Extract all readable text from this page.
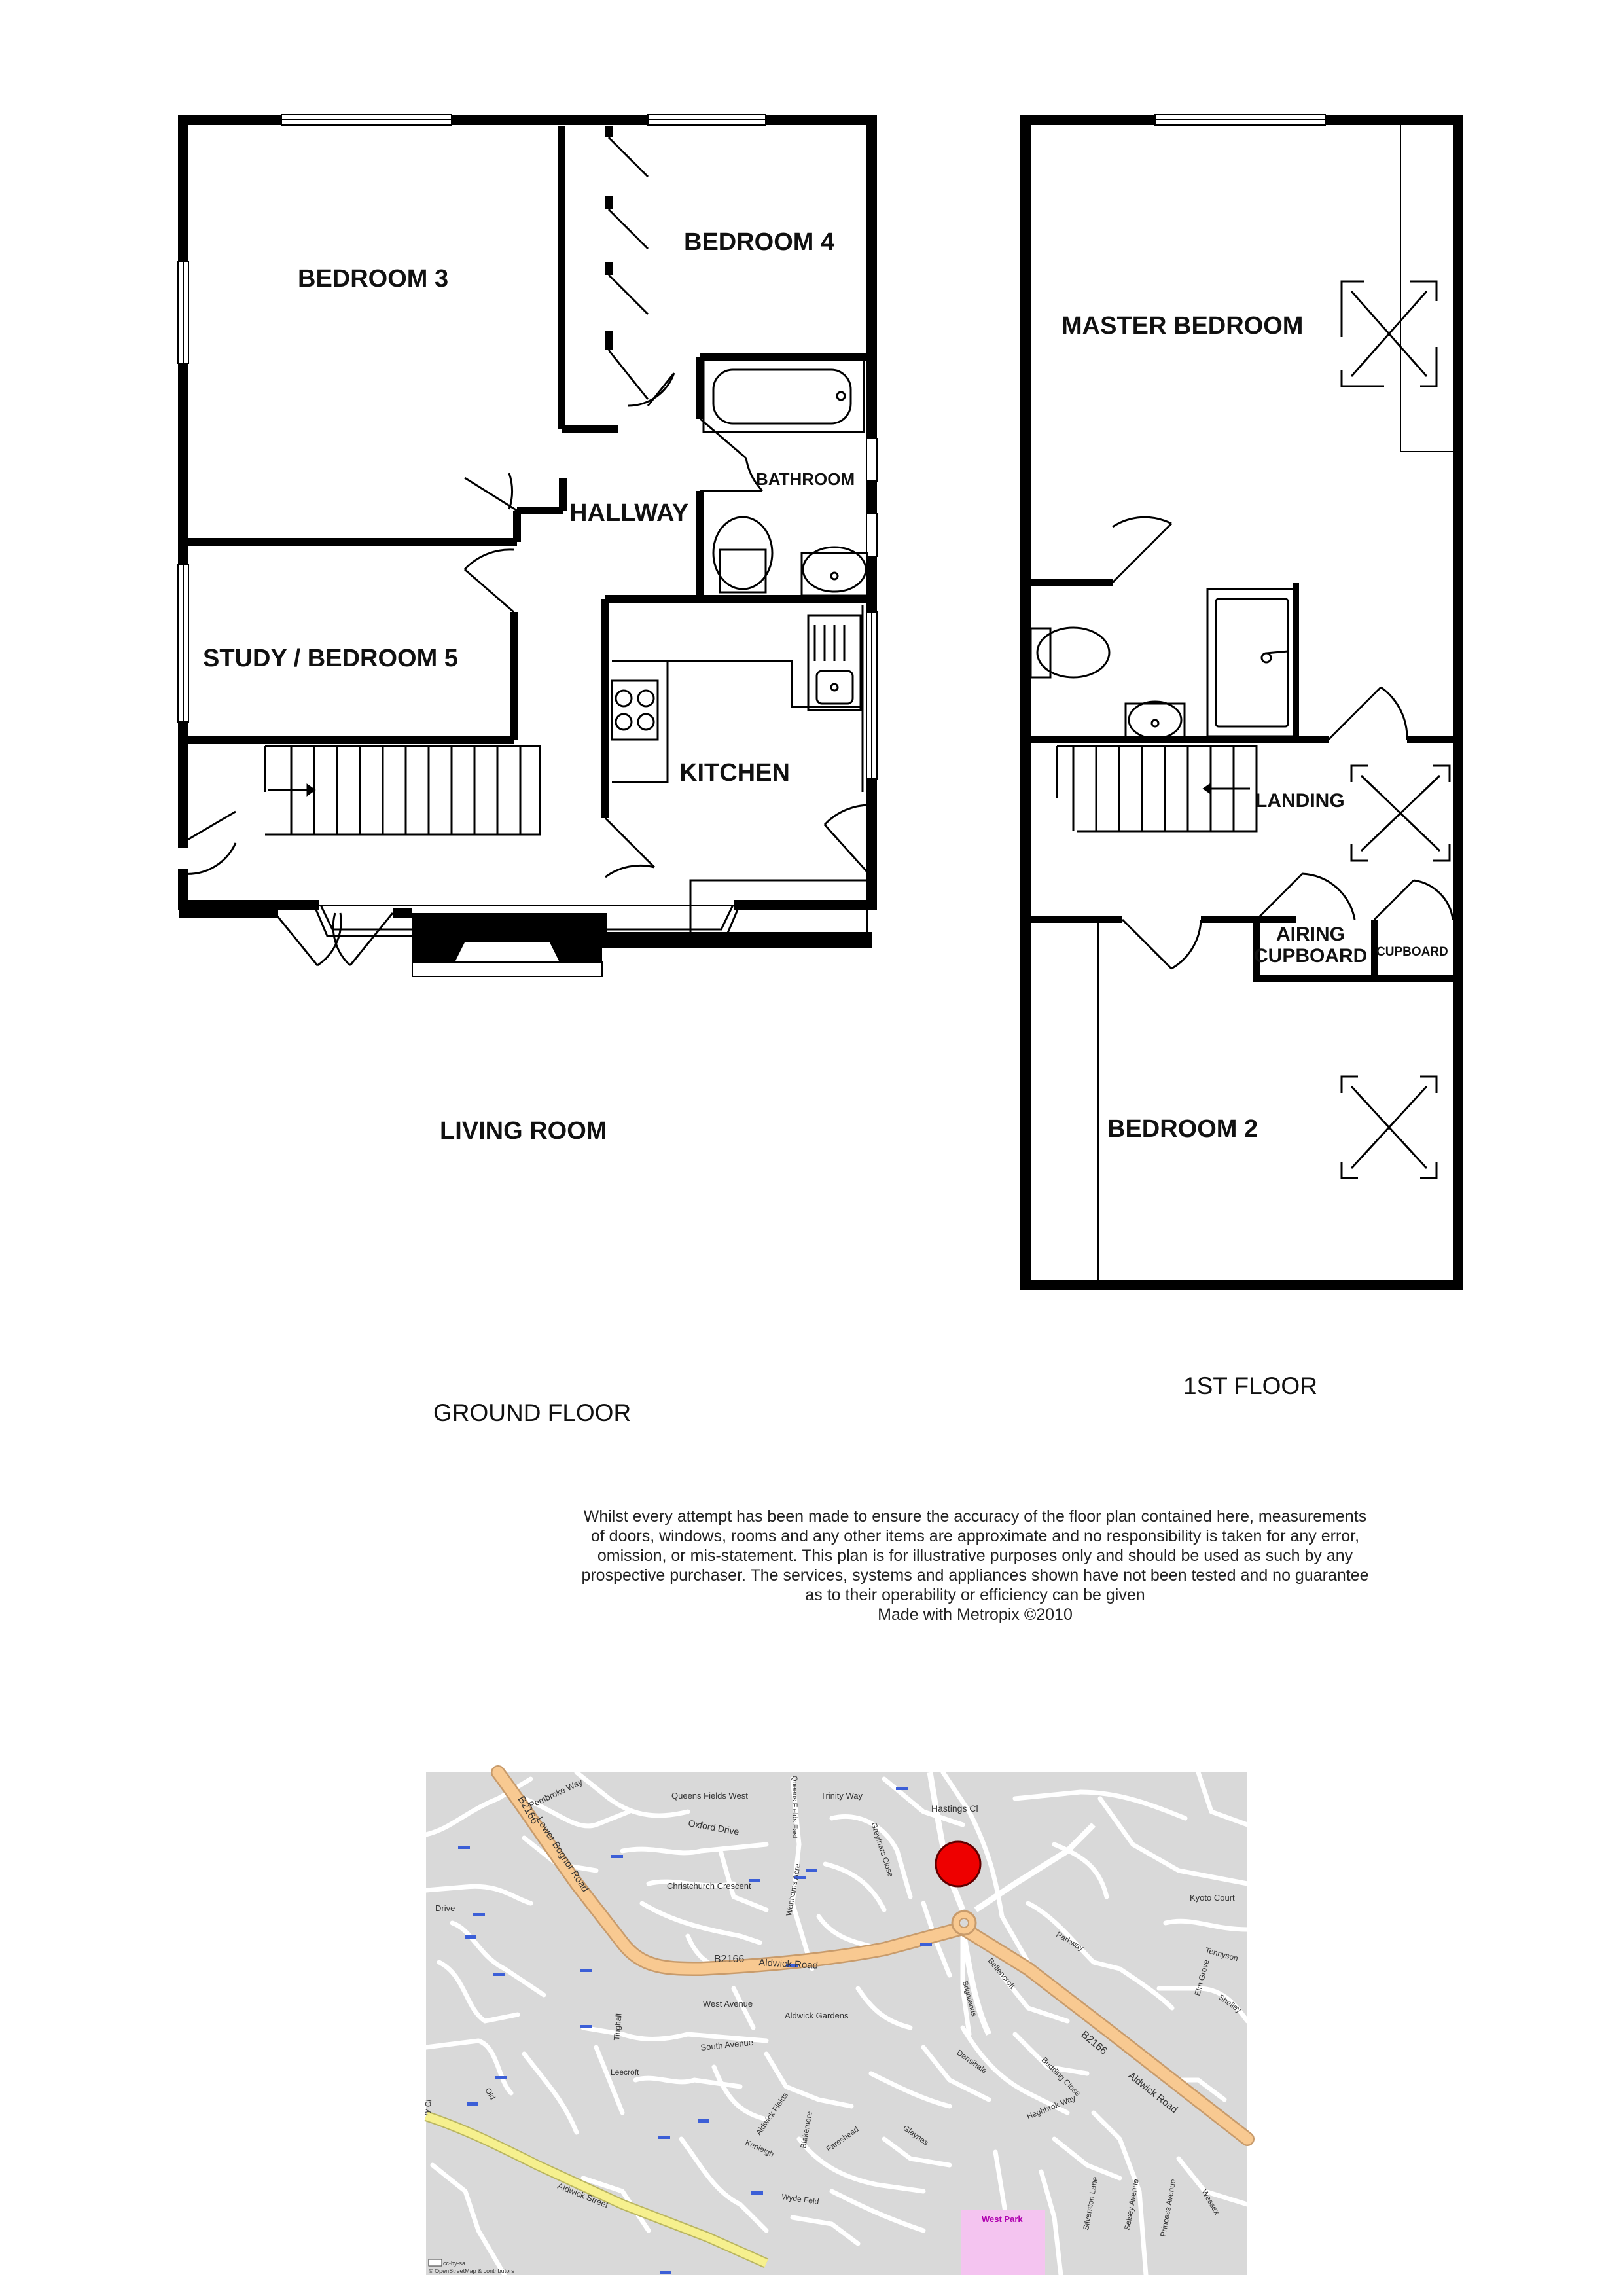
BEDROOM 3
BEDROOM 4
BATHROOM
HALLWAY
STUDY / BEDROOM 5
KITCHEN
LIVING ROOM
GROUND FLOOR
MASTER BEDROOM
LANDING
AIRING
CUPBOARD CUPBOARD
BEDROOM 2
1ST FLOOR
Whilst every attempt has been made to ensure the accuracy of the floor plan contained here, measurements
of doors, windows, rooms and any other items are approximate and no responsibility is taken for any error,
omission, or mis-statement. This plan is for illustrative purposes only and should be used as such by any
prospective purchaser. The services, systems and appliances shown have not been tested and no guarantee
as to their operability or efficiency can be given
Made with Metropix ©2010
West Park
B2166
Lower Bognor Road
Pembroke Way	Queens Fields West	Queens Fields East	Trinity Way
Hastings Cl
Oxford Drive	Greyfriars Close
Christchurch Crescent	Wonhams Acre
B2166 Aldwick Road
West Avenue
Aldwick Gardens
South Avenue
Tinghall
Leecroft
Aldwick Fields
Kenleigh	Blakemore Fareshead	Glaynes
Wyde Feld
Densihale
Brightlands
Bellencroft
Parkway
Kyoto Court
Tennyson
Elm Grove
Shelley
B2166
Aldwick Road
Budding Close
Heghbrok Way
Silverston Lane	Selsey Avenue Princess Avenue	Wessex
Aldwick Street
Old
Drive
ry Cl
cc-by-sa
© OpenStreetMap & contributors
